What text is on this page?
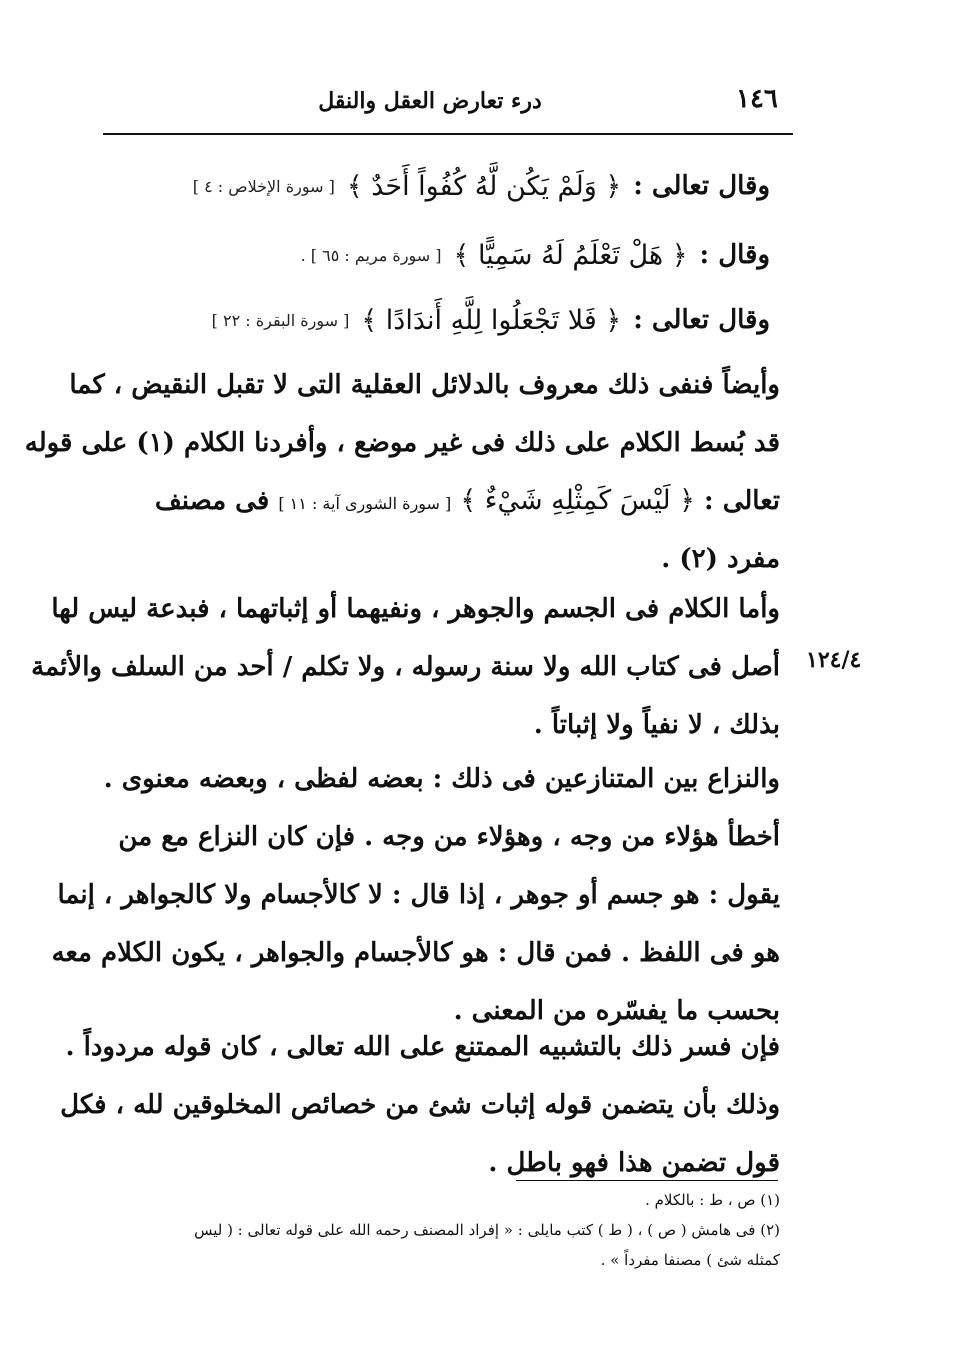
درء تعارض العقل والنقل	١٤٦
وقال تعالى :
﴿ وَلَمْ يَكُن لَّهُ كُفُواً أَحَدٌ ﴾
[ سورة الإخلاص : ٤ ]
وقال :
﴿ هَلْ تَعْلَمُ لَهُ سَمِيًّا ﴾
[ سورة مريم : ٦٥ ] .
وقال تعالى :
﴿ فَلا تَجْعَلُوا لِلَّهِ أَندَادًا ﴾
[ سورة البقرة : ٢٢ ]
وأيضاً فنفى ذلك معروف بالدلائل العقلية التى لا تقبل النقيض ، كما
قد بُسط الكلام على ذلك فى غير موضع ، وأفردنا الكلام (١) على قوله
تعالى : ﴿ لَيْسَ كَمِثْلِهِ شَيْءٌ ﴾ [ سورة الشورى آية : ١١ ] فى مصنف
مفرد (٢) .
وأما الكلام فى الجسم والجوهر ، ونفيهما أو إثباتهما ، فبدعة ليس لها
أصل فى كتاب الله ولا سنة رسوله ، ولا تكلم / أحد من السلف والأئمة
بذلك ، لا نفياً ولا إثباتاً .
١٢٤/٤
والنزاع بين المتنازعين فى ذلك : بعضه لفظى ، وبعضه معنوى .
أخطأ هؤلاء من وجه ، وهؤلاء من وجه . فإن كان النزاع مع من
يقول : هو جسم أو جوهر ، إذا قال : لا كالأجسام ولا كالجواهر ، إنما
هو فى اللفظ . فمن قال : هو كالأجسام والجواهر ، يكون الكلام معه
بحسب ما يفسّره من المعنى .
فإن فسر ذلك بالتشبيه الممتنع على الله تعالى ، كان قوله مردوداً .
وذلك بأن يتضمن قوله إثبات شئ من خصائص المخلوقين لله ، فكل
قول تضمن هذا فهو باطل .
(١) ص ، ط : بالكلام .
(٢) فى هامش ( ص ) ، ( ط ) كتب مايلى : « إفراد المصنف رحمه الله على قوله تعالى : ( ليس
كمثله شئ ) مصنفا مفرداً » .
